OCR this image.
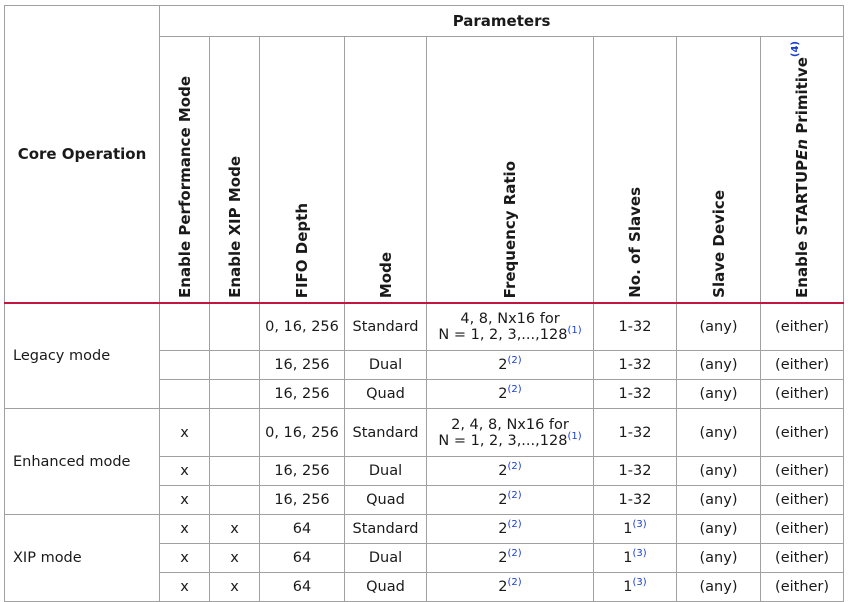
Core Operation	Parameters							
	Enable Performance Mode	Enable XIP Mode	FIFO Depth	Mode	Frequency Ratio	No. of Slaves	Slave Device	Enable STARTUPEn Primitive$^{(4)}$
Legacy mode			0, 16, 256	Standard	4, 8, Nx16 for
N = 1, 2, 3,...,128$^{(1)}$	1-32	(any)	(either)
			16, 256	Dual	2$^{(2)}$	1-32	(any)	(either)
			16, 256	Quad	2$^{(2)}$	1-32	(any)	(either)
Enhanced mode	x		0, 16, 256	Standard	2, 4, 8, Nx16 for
N = 1, 2, 3,...,128$^{(1)}$	1-32	(any)	(either)
	x		16, 256	Dual	2$^{(2)}$	1-32	(any)	(either)
	x		16, 256	Quad	2$^{(2)}$	1-32	(any)	(either)
XIP mode	x	x	64	Standard	2$^{(2)}$	1$^{(3)}$	(any)	(either)
	x	x	64	Dual	2$^{(2)}$	1$^{(3)}$	(any)	(either)
	x	x	64	Quad	2$^{(2)}$	1$^{(3)}$	(any)	(either)
